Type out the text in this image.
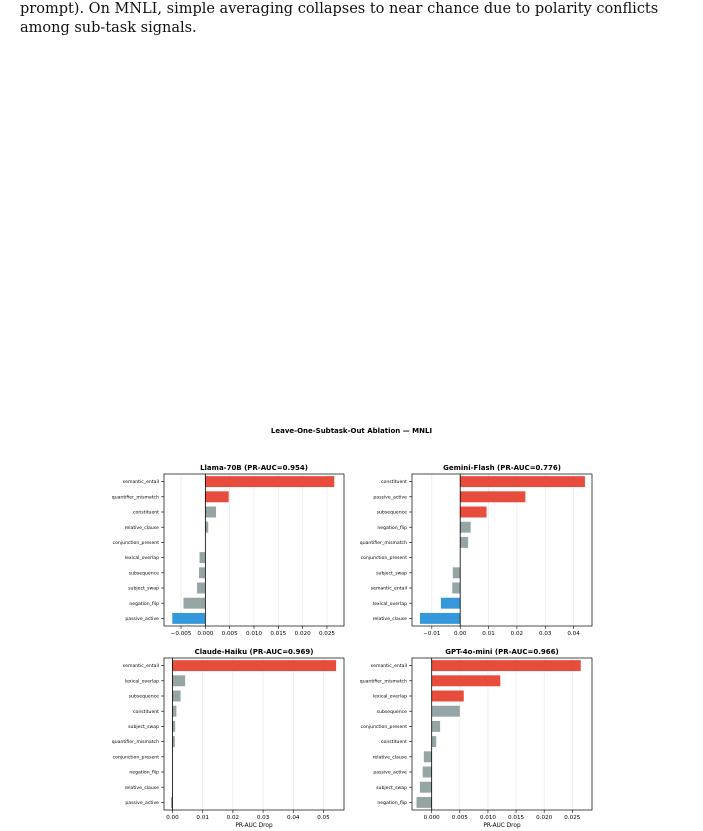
prompt). On MNLI, simple averaging collapses to near chance due to polarity conflicts

among sub-task signals.

Leave-One-Subtask-Out Ablation — MNLI
Llama-70B (PR-AUC=0.954)
semantic_entail
quantifier_mismatch
constituent
relative_clause
conjunction_present
lexical_overlap
subsequence
subject_swap
negation_flip
passive_active
−0.005 0.000 0.005 0.010 0.015 0.020 0.025
Gemini-Flash (PR-AUC=0.776)
constituent
passive_active
subsequence
negation_flip
quantifier_mismatch
conjunction_present
subject_swap
semantic_entail
lexical_overlap
relative_clause
−0.01 0.00	0.01	0.02	0.03	0.04
Claude-Haiku (PR-AUC=0.969)
semantic_entail
lexical_overlap
subsequence
constituent
subject_swap
quantifier_mismatch
conjunction_present
negation_flip
relative_clause
passive_active
0.00	0.01	0.02	0.03	0.04	0.05
PR-AUC Drop
GPT-4o-mini (PR-AUC=0.966)
semantic_entail
quantifier_mismatch
lexical_overlap
subsequence
conjunction_present
constituent
relative_clause
passive_active
subject_swap
negation_flip
0.000 0.005 0.010 0.015 0.020 0.025
PR-AUC Drop
